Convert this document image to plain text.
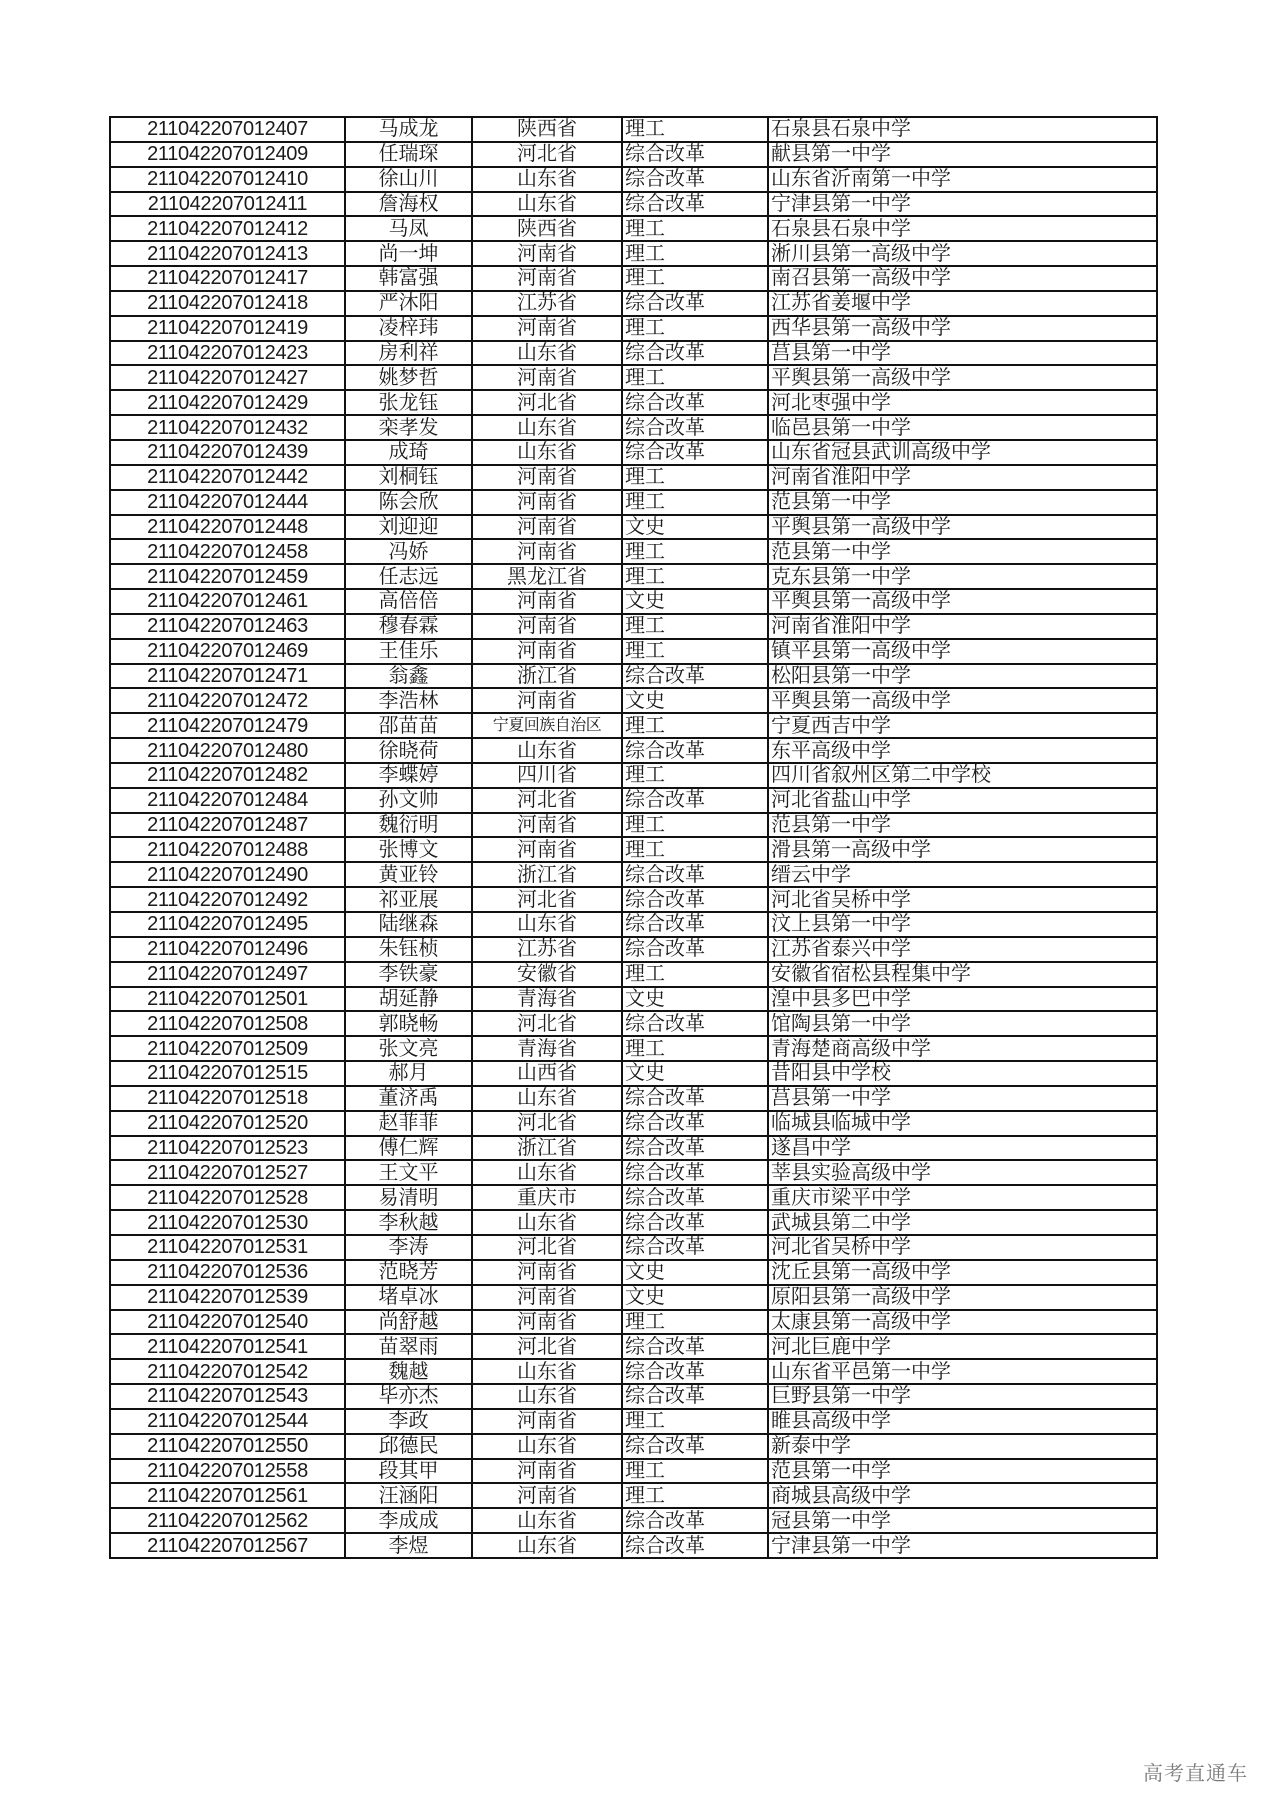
211042207012407	马成龙	陕西省	理工	石泉县石泉中学
211042207012409	任瑞琛	河北省	综合改革	献县第一中学
211042207012410	徐山川	山东省	综合改革	山东省沂南第一中学
211042207012411	詹海权	山东省	综合改革	宁津县第一中学
211042207012412	马凤	陕西省	理工	石泉县石泉中学
211042207012413	尚一坤	河南省	理工	淅川县第一高级中学
211042207012417	韩富强	河南省	理工	南召县第一高级中学
211042207012418	严沐阳	江苏省	综合改革	江苏省姜堰中学
211042207012419	凌梓玮	河南省	理工	西华县第一高级中学
211042207012423	房利祥	山东省	综合改革	莒县第一中学
211042207012427	姚梦哲	河南省	理工	平舆县第一高级中学
211042207012429	张龙钰	河北省	综合改革	河北枣强中学
211042207012432	栾孝发	山东省	综合改革	临邑县第一中学
211042207012439	成琦	山东省	综合改革	山东省冠县武训高级中学
211042207012442	刘桐钰	河南省	理工	河南省淮阳中学
211042207012444	陈会欣	河南省	理工	范县第一中学
211042207012448	刘迎迎	河南省	文史	平舆县第一高级中学
211042207012458	冯娇	河南省	理工	范县第一中学
211042207012459	任志远	黑龙江省	理工	克东县第一中学
211042207012461	高倍倍	河南省	文史	平舆县第一高级中学
211042207012463	穆春霖	河南省	理工	河南省淮阳中学
211042207012469	王佳乐	河南省	理工	镇平县第一高级中学
211042207012471	翁鑫	浙江省	综合改革	松阳县第一中学
211042207012472	李浩林	河南省	文史	平舆县第一高级中学
211042207012479	邵苗苗	宁夏回族自治区	理工	宁夏西吉中学
211042207012480	徐晓荷	山东省	综合改革	东平高级中学
211042207012482	李蝶婷	四川省	理工	四川省叙州区第二中学校
211042207012484	孙文帅	河北省	综合改革	河北省盐山中学
211042207012487	魏衍明	河南省	理工	范县第一中学
211042207012488	张博文	河南省	理工	滑县第一高级中学
211042207012490	黄亚铃	浙江省	综合改革	缙云中学
211042207012492	祁亚展	河北省	综合改革	河北省吴桥中学
211042207012495	陆继森	山东省	综合改革	汶上县第一中学
211042207012496	朱钰桢	江苏省	综合改革	江苏省泰兴中学
211042207012497	李铁豪	安徽省	理工	安徽省宿松县程集中学
211042207012501	胡延静	青海省	文史	湟中县多巴中学
211042207012508	郭晓畅	河北省	综合改革	馆陶县第一中学
211042207012509	张文亮	青海省	理工	青海楚商高级中学
211042207012515	郝月	山西省	文史	昔阳县中学校
211042207012518	董济禹	山东省	综合改革	莒县第一中学
211042207012520	赵菲菲	河北省	综合改革	临城县临城中学
211042207012523	傅仁辉	浙江省	综合改革	遂昌中学
211042207012527	王文平	山东省	综合改革	莘县实验高级中学
211042207012528	易清明	重庆市	综合改革	重庆市梁平中学
211042207012530	李秋越	山东省	综合改革	武城县第二中学
211042207012531	李涛	河北省	综合改革	河北省吴桥中学
211042207012536	范晓芳	河南省	文史	沈丘县第一高级中学
211042207012539	堵卓冰	河南省	文史	原阳县第一高级中学
211042207012540	尚舒越	河南省	理工	太康县第一高级中学
211042207012541	苗翠雨	河北省	综合改革	河北巨鹿中学
211042207012542	魏越	山东省	综合改革	山东省平邑第一中学
211042207012543	毕亦杰	山东省	综合改革	巨野县第一中学
211042207012544	李政	河南省	理工	睢县高级中学
211042207012550	邱德民	山东省	综合改革	新泰中学
211042207012558	段其甲	河南省	理工	范县第一中学
211042207012561	汪涵阳	河南省	理工	商城县高级中学
211042207012562	李成成	山东省	综合改革	冠县第一中学
211042207012567	李煜	山东省	综合改革	宁津县第一中学
高考直通车
